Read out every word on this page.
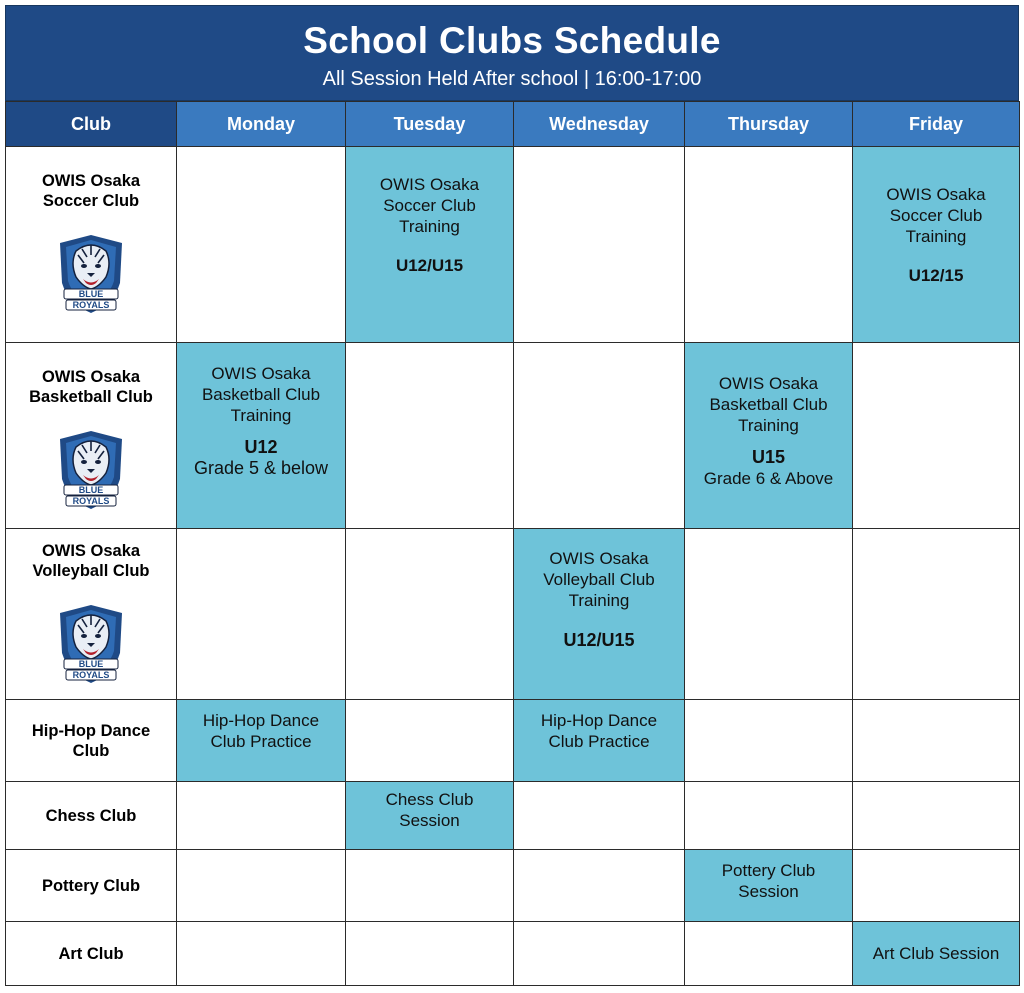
School Clubs Schedule
All Session Held After school | 16:00-17:00
Club	Monday	Tuesday	Wednesday	Thursday	Friday

OWIS Osaka
Soccer Club
BLUE
ROYALS		OWIS Osaka
Soccer Club
Training
U12/U15			OWIS Osaka
Soccer Club
Training
U12/15

OWIS Osaka
Basketball Club
BLUE
ROYALS	OWIS Osaka
Basketball Club
Training
U12
Grade 5 & below			OWIS Osaka
Basketball Club
Training
U15
Grade 6 & Above	

OWIS Osaka
Volleyball Club
BLUE
ROYALS			OWIS Osaka
Volleyball Club
Training
U12/U15		

Hip-Hop Dance
Club	Hip-Hop Dance
Club Practice		Hip-Hop Dance
Club Practice		

Chess Club		Chess Club
Session			

Pottery Club				Pottery Club
Session	

Art Club					Art Club Session
